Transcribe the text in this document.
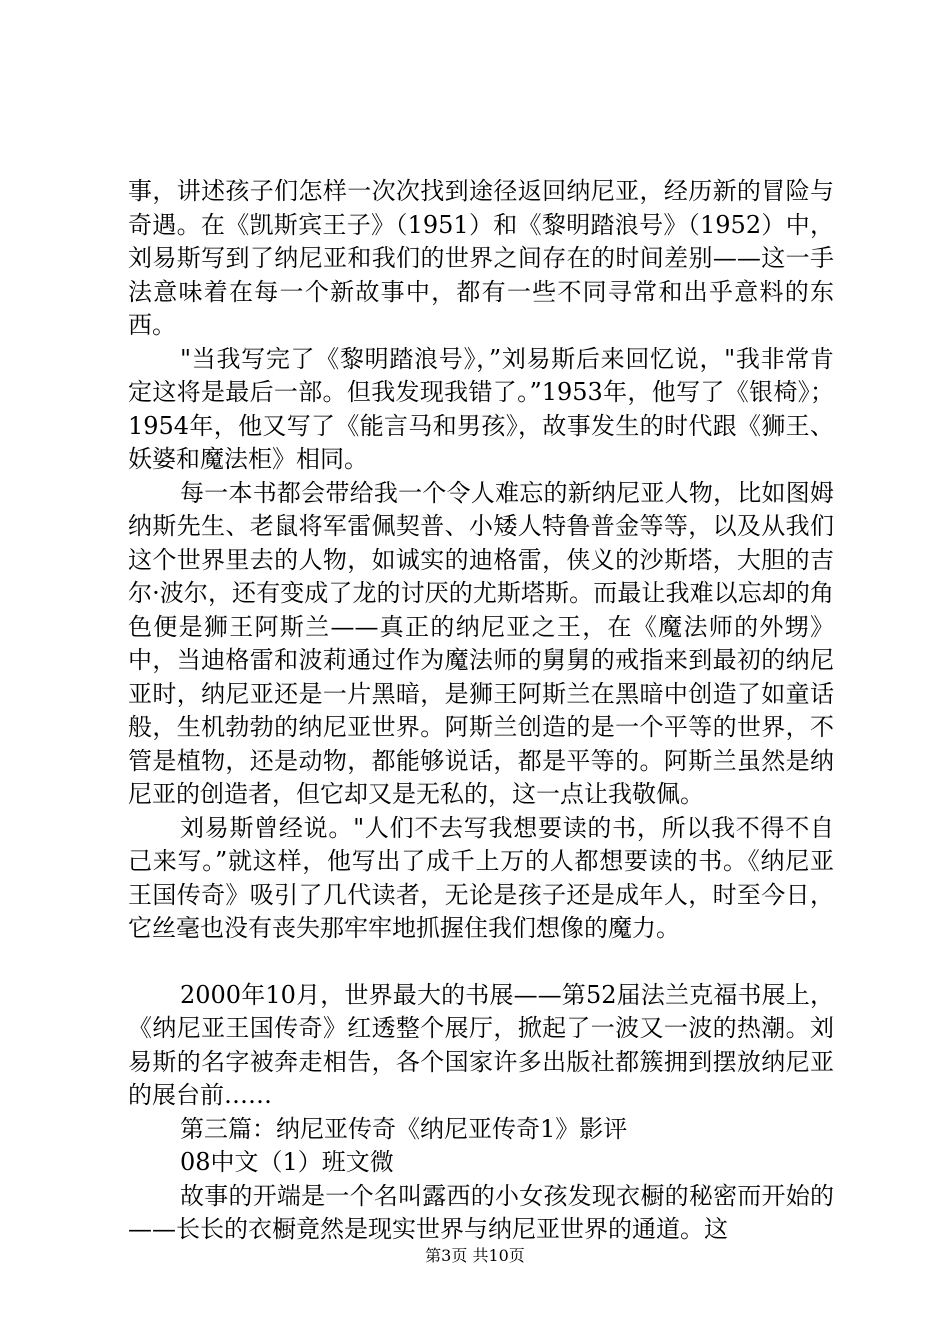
事，讲述孩子们怎样一次次找到途径返回纳尼亚，经历新的冒险与奇遇。在《凯斯宾王子》（1951）和《黎明踏浪号》（1952）中，刘易斯写到了纳尼亚和我们的世界之间存在的时间差别——这一手法意味着在每一个新故事中，都有一些不同寻常和出乎意料的东西。

"当我写完了《黎明踏浪号》，”刘易斯后来回忆说，"我非常肯定这将是最后一部。但我发现我错了。”1953年，他写了《银椅》；1954年，他又写了《能言马和男孩》，故事发生的时代跟《狮王、妖婆和魔法柜》相同。

每一本书都会带给我一个令人难忘的新纳尼亚人物，比如图姆纳斯先生、老鼠将军雷佩契普、小矮人特鲁普金等等，以及从我们这个世界里去的人物，如诚实的迪格雷，侠义的沙斯塔，大胆的吉尔·波尔，还有变成了龙的讨厌的尤斯塔斯。而最让我难以忘却的角色便是狮王阿斯兰——真正的纳尼亚之王，在《魔法师的外甥》中，当迪格雷和波莉通过作为魔法师的舅舅的戒指来到最初的纳尼亚时，纳尼亚还是一片黑暗，是狮王阿斯兰在黑暗中创造了如童话般，生机勃勃的纳尼亚世界。阿斯兰创造的是一个平等的世界，不管是植物，还是动物，都能够说话，都是平等的。阿斯兰虽然是纳尼亚的创造者，但它却又是无私的，这一点让我敬佩。

刘易斯曾经说。"人们不去写我想要读的书，所以我不得不自己来写。”就这样，他写出了成千上万的人都想要读的书。《纳尼亚王国传奇》吸引了几代读者，无论是孩子还是成年人，时至今日，它丝毫也没有丧失那牢牢地抓握住我们想像的魔力。

2000年10月，世界最大的书展——第52届法兰克福书展上，《纳尼亚王国传奇》红透整个展厅，掀起了一波又一波的热潮。刘易斯的名字被奔走相告，各个国家许多出版社都簇拥到摆放纳尼亚的展台前……

第三篇：纳尼亚传奇《纳尼亚传奇1》影评

08中文（1）班文微

故事的开端是一个名叫露西的小女孩发现衣橱的秘密而开始的——长长的衣橱竟然是现实世界与纳尼亚世界的通道。这

第3页 共10页
